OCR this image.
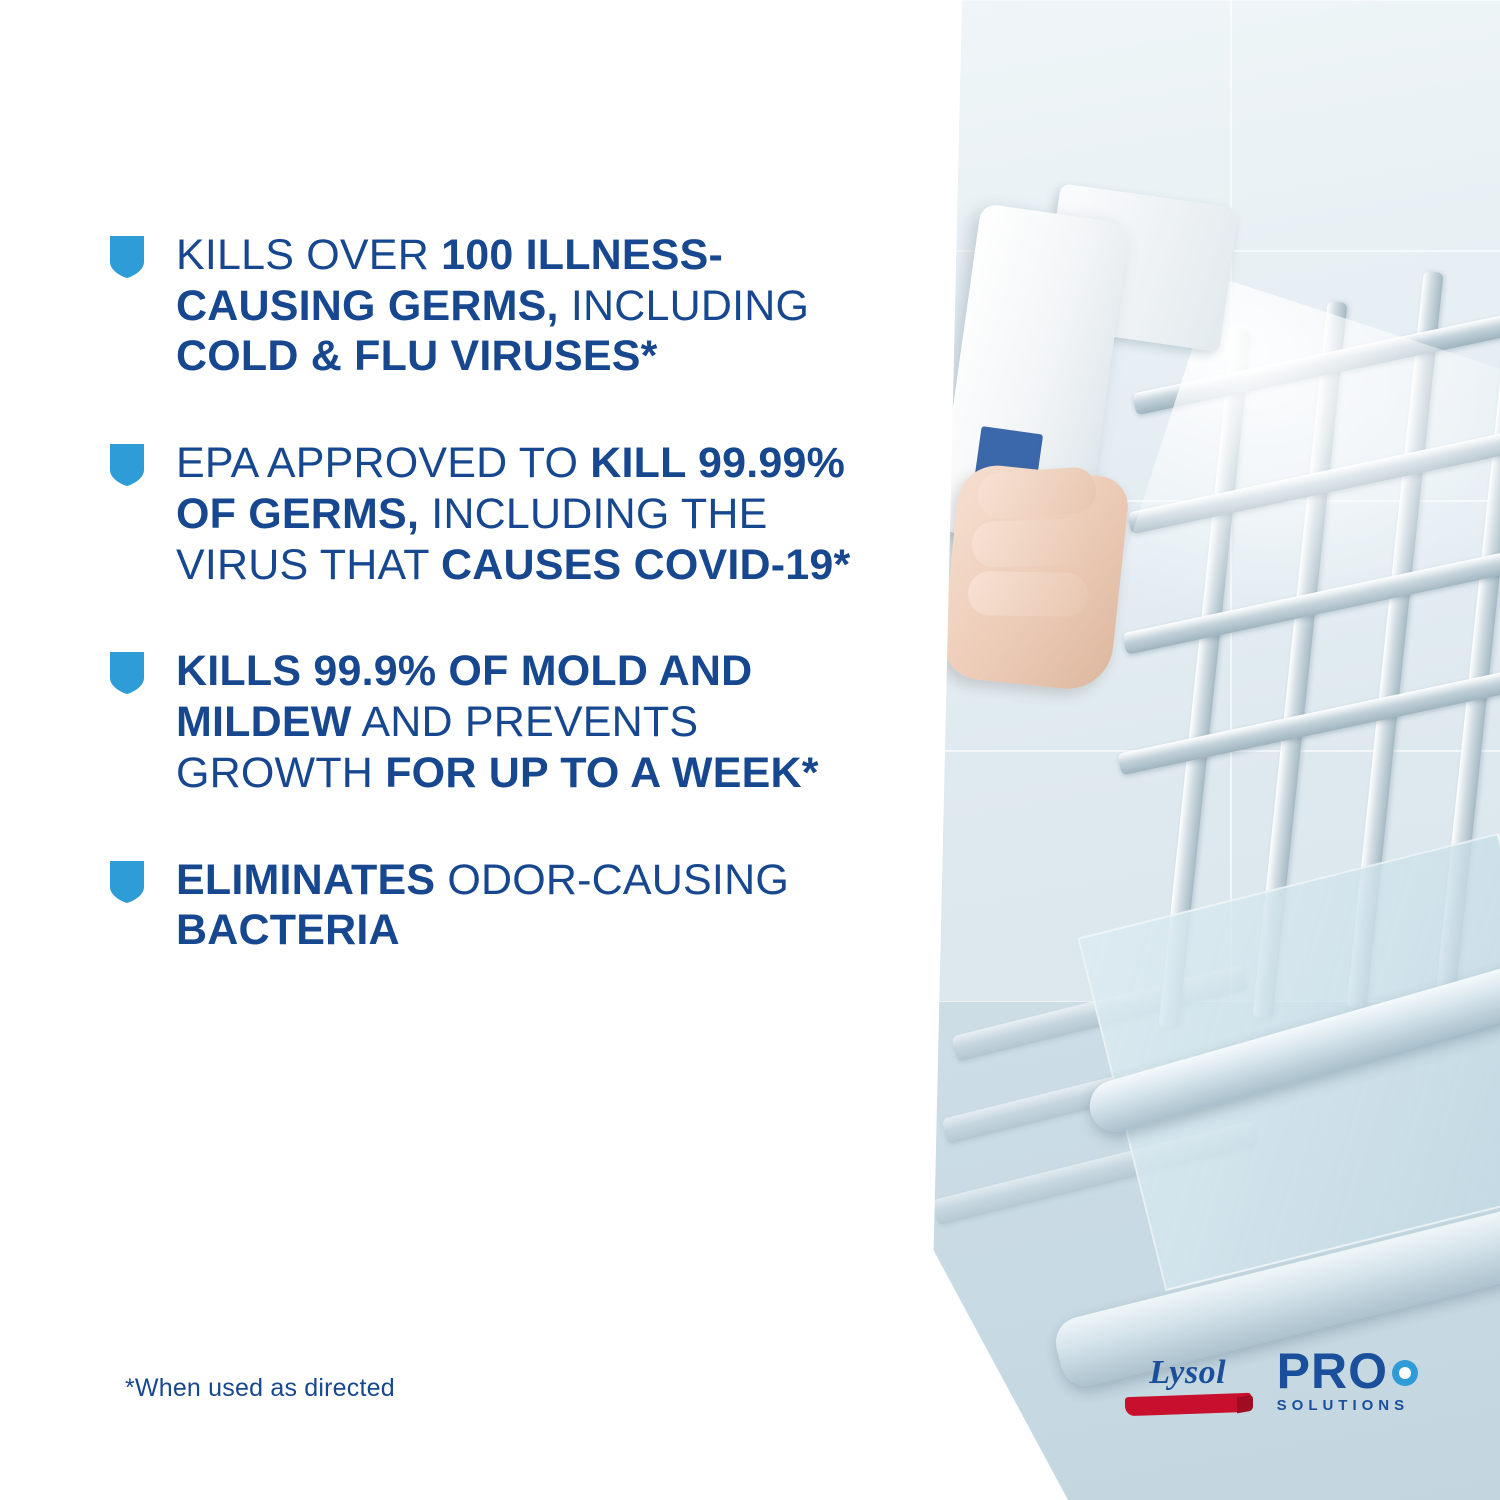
KILLS OVER 100 ILLNESS-CAUSING GERMS, INCLUDING COLD & FLU VIRUSES*
EPA APPROVED TO KILL 99.99% OF GERMS, INCLUDING THE VIRUS THAT CAUSES COVID-19*
KILLS 99.9% OF MOLD AND MILDEW AND PREVENTS GROWTH FOR UP TO A WEEK*
ELIMINATES ODOR-CAUSING BACTERIA
*When used as directed	Lysol	PRO
SOLUTIONS
